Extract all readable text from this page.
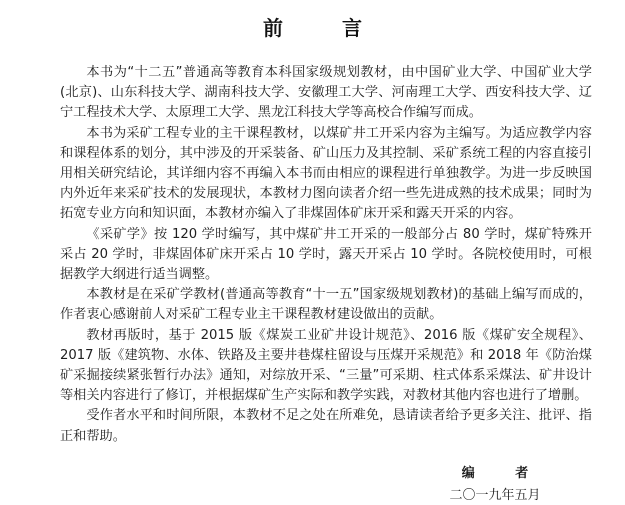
前 言

本书为“十二五”普通高等教育本科国家级规划教材，由中国矿业大学、中国矿业大学(北京)、山东科技大学、湖南科技大学、安徽理工大学、河南理工大学、西安科技大学、辽宁工程技术大学、太原理工大学、黑龙江科技大学等高校合作编写而成。

本书为采矿工程专业的主干课程教材，以煤矿井工开采内容为主编写。为适应教学内容和课程体系的划分，其中涉及的开采装备、矿山压力及其控制、采矿系统工程的内容直接引用相关研究结论，其详细内容不再编入本书而由相应的课程进行单独教学。为进一步反映国内外近年来采矿技术的发展现状，本教材力图向读者介绍一些先进成熟的技术成果；同时为拓宽专业方向和知识面，本教材亦编入了非煤固体矿床开采和露天开采的内容。

《采矿学》按 120 学时编写，其中煤矿井工开采的一般部分占 80 学时，煤矿特殊开采占 20 学时，非煤固体矿床开采占 10 学时，露天开采占 10 学时。各院校使用时，可根据教学大纲进行适当调整。

本教材是在采矿学教材(普通高等教育“十一五”国家级规划教材)的基础上编写而成的，作者衷心感谢前人对采矿工程专业主干课程教材建设做出的贡献。

教材再版时，基于 2015 版《煤炭工业矿井设计规范》、2016 版《煤矿安全规程》、2017 版《建筑物、水体、铁路及主要井巷煤柱留设与压煤开采规范》和 2018 年《防治煤矿采掘接续紧张暂行办法》通知，对综放开采、“三量”可采期、柱式体系采煤法、矿井设计等相关内容进行了修订，并根据煤矿生产实际和教学实践，对教材其他内容也进行了增删。

受作者水平和时间所限，本教材不足之处在所难免，恳请读者给予更多关注、批评、指正和帮助。

编 者
二〇一九年五月
